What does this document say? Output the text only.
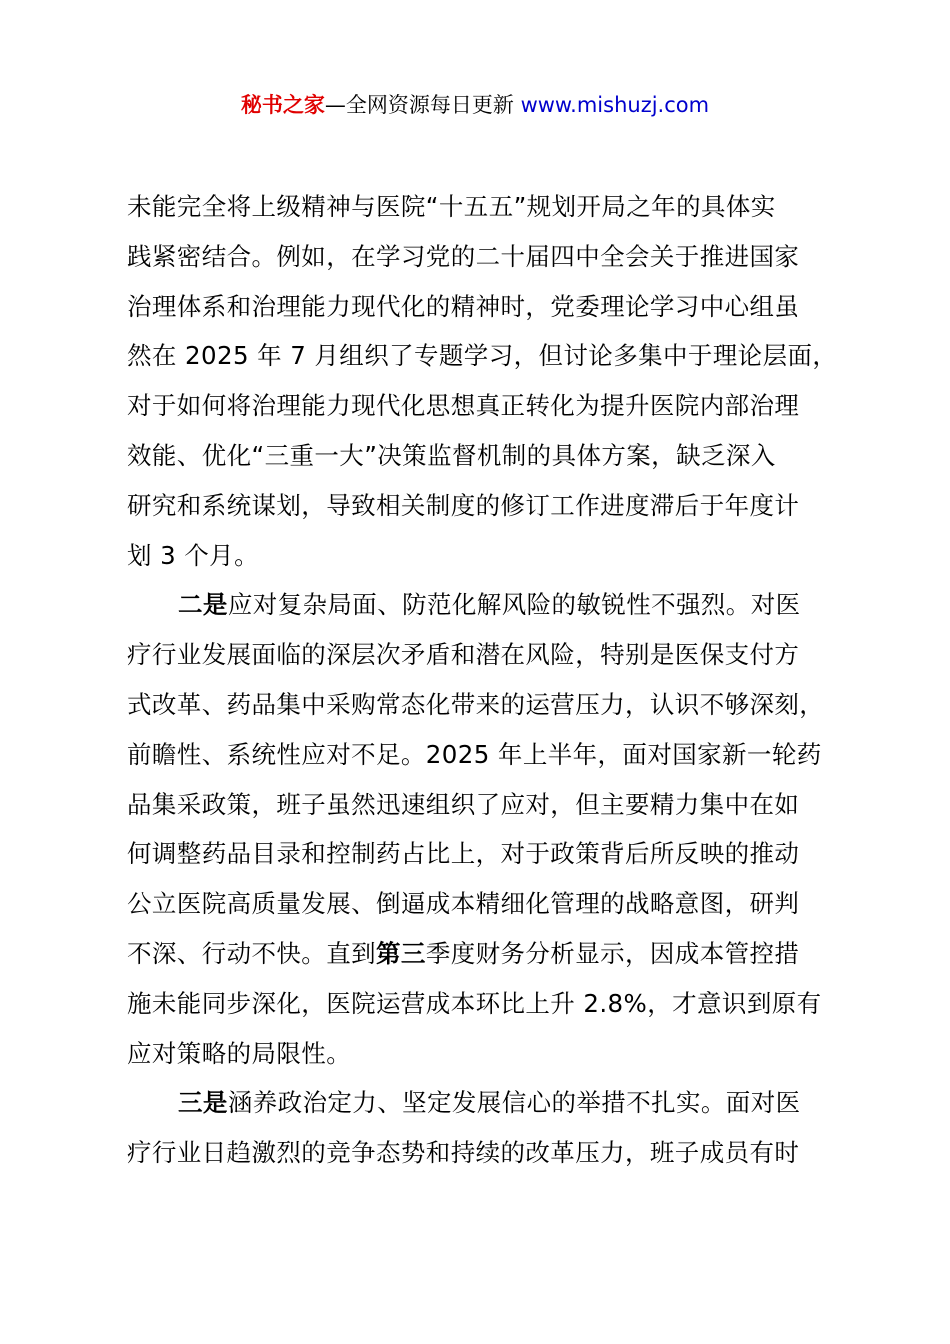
秘书之家—全网资源每日更新 www.mishuzj.com
未能完全将上级精神与医院“十五五”规划开局之年的具体实
践紧密结合。例如，在学习党的二十届四中全会关于推进国家
治理体系和治理能力现代化的精神时，党委理论学习中心组虽
然在 2025 年 7 月组织了专题学习，但讨论多集中于理论层面，
对于如何将治理能力现代化思想真正转化为提升医院内部治理
效能、优化“三重一大”决策监督机制的具体方案，缺乏深入
研究和系统谋划，导致相关制度的修订工作进度滞后于年度计
划 3 个月。
二是应对复杂局面、防范化解风险的敏锐性不强烈。对医
疗行业发展面临的深层次矛盾和潜在风险，特别是医保支付方
式改革、药品集中采购常态化带来的运营压力，认识不够深刻，
前瞻性、系统性应对不足。2025 年上半年，面对国家新一轮药
品集采政策，班子虽然迅速组织了应对，但主要精力集中在如
何调整药品目录和控制药占比上，对于政策背后所反映的推动
公立医院高质量发展、倒逼成本精细化管理的战略意图，研判
不深、行动不快。直到第三季度财务分析显示，因成本管控措
施未能同步深化，医院运营成本环比上升 2.8%，才意识到原有
应对策略的局限性。
三是涵养政治定力、坚定发展信心的举措不扎实。面对医
疗行业日趋激烈的竞争态势和持续的改革压力，班子成员有时
